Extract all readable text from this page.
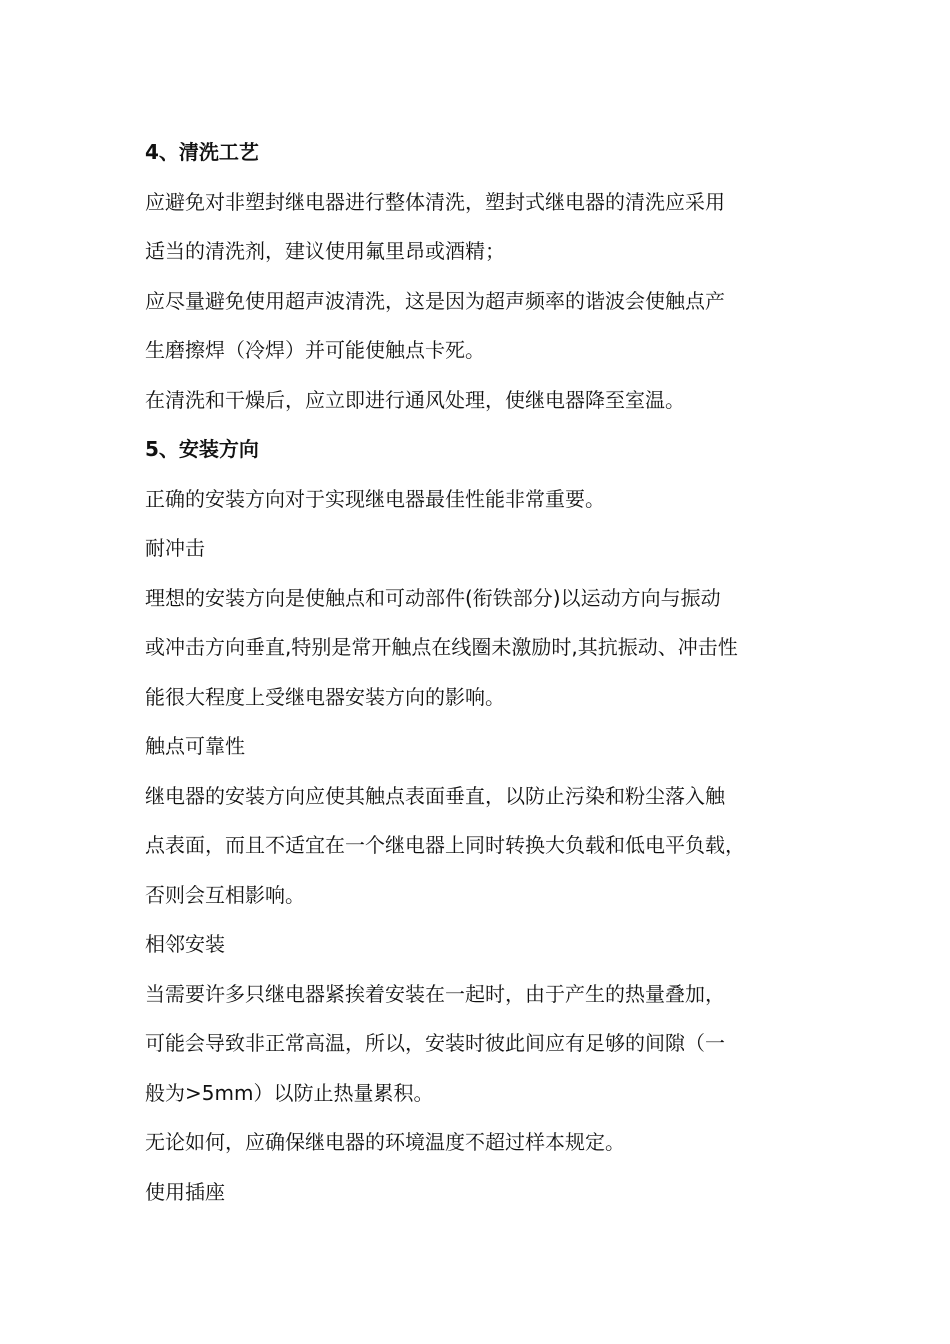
4、清洗工艺
应避免对非塑封继电器进行整体清洗，塑封式继电器的清洗应采用
适当的清洗剂，建议使用氟里昂或酒精；
应尽量避免使用超声波清洗，这是因为超声频率的谐波会使触点产
生磨擦焊（冷焊）并可能使触点卡死。
在清洗和干燥后，应立即进行通风处理，使继电器降至室温。
5、安装方向
正确的安装方向对于实现继电器最佳性能非常重要。
耐冲击
理想的安装方向是使触点和可动部件(衔铁部分)以运动方向与振动
或冲击方向垂直,特别是常开触点在线圈未激励时,其抗振动、冲击性
能很大程度上受继电器安装方向的影响。
触点可靠性
继电器的安装方向应使其触点表面垂直，以防止污染和粉尘落入触
点表面，而且不适宜在一个继电器上同时转换大负载和低电平负载，
否则会互相影响。
相邻安装
当需要许多只继电器紧挨着安装在一起时，由于产生的热量叠加，
可能会导致非正常高温，所以，安装时彼此间应有足够的间隙（一
般为>5mm）以防止热量累积。
无论如何，应确保继电器的环境温度不超过样本规定。
使用插座
